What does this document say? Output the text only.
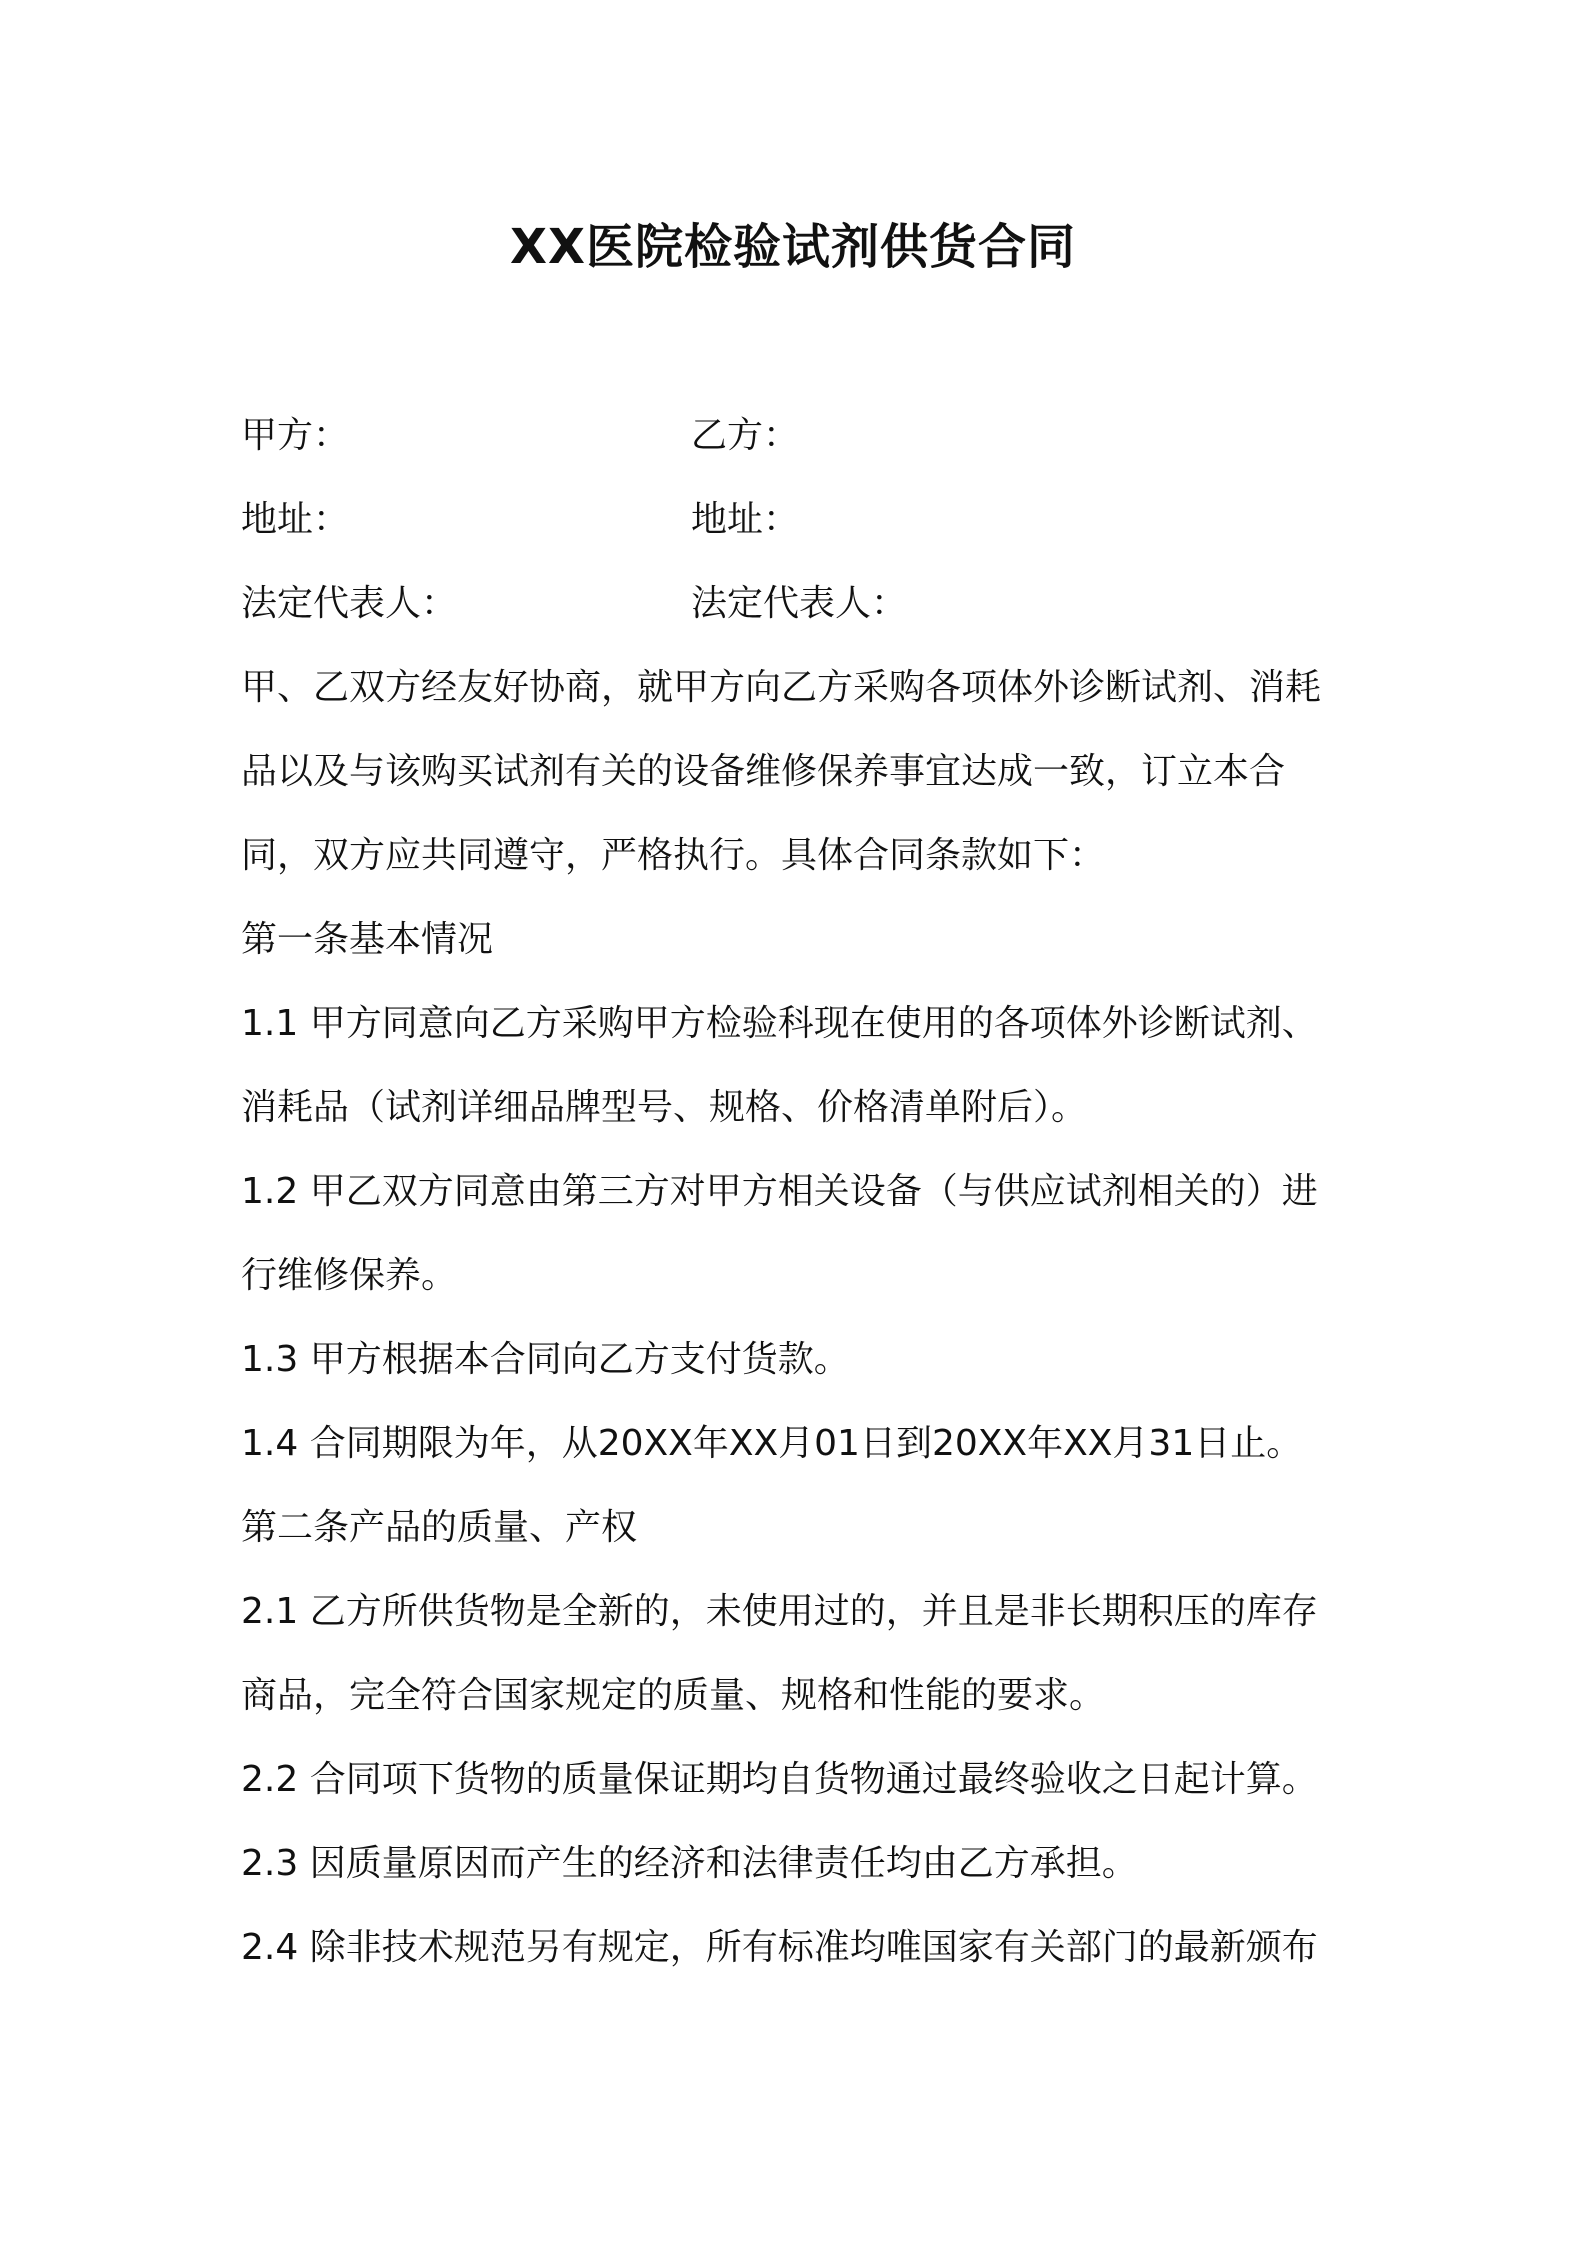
XX医院检验试剂供货合同
甲方：	乙方：
地址：	地址：
法定代表人：	法定代表人：
甲、乙双方经友好协商，就甲方向乙方采购各项体外诊断试剂、消耗
品以及与该购买试剂有关的设备维修保养事宜达成一致，订立本合
同，双方应共同遵守，严格执行。具体合同条款如下：
第一条基本情况
1.1 甲方同意向乙方采购甲方检验科现在使用的各项体外诊断试剂、
消耗品（试剂详细品牌型号、规格、价格清单附后）。
1.2 甲乙双方同意由第三方对甲方相关设备（与供应试剂相关的）进
行维修保养。
1.3 甲方根据本合同向乙方支付货款。
1.4 合同期限为年，从20XX年XX月01日到20XX年XX月31日止。
第二条产品的质量、产权
2.1 乙方所供货物是全新的，未使用过的，并且是非长期积压的库存
商品，完全符合国家规定的质量、规格和性能的要求。
2.2 合同项下货物的质量保证期均自货物通过最终验收之日起计算。
2.3 因质量原因而产生的经济和法律责任均由乙方承担。
2.4 除非技术规范另有规定，所有标准均唯国家有关部门的最新颁布
